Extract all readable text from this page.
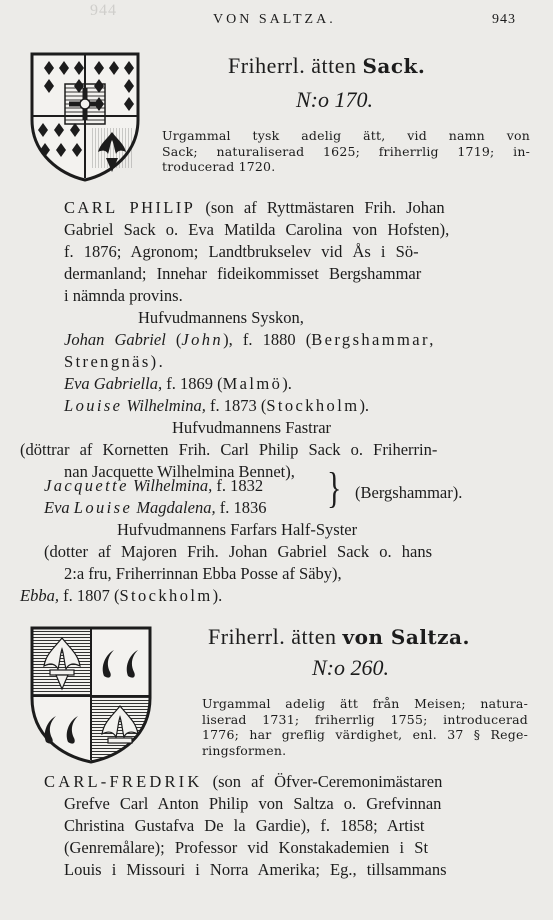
944
VON SALTZA.	943
Friherrl. ätten Sack.
N:o 170.
Urgammal tysk adelig ätt, vid namn von
Sack; naturaliserad 1625; friherrlig 1719; in-
troducerad 1720.
CARL PHILIP (son af Ryttmästaren Frih. Johan
Gabriel Sack o. Eva Matilda Carolina von Hofsten),
f. 1876; Agronom; Landtbrukselev vid Ås i Sö-
dermanland; Innehar fideikommisset Bergshammar
i nämnda provins.
Hufvudmannens Syskon,
Johan Gabriel (John), f. 1880 (Bergshammar,
Strengnäs).
Eva Gabriella, f. 1869 (Malmö).
Louise Wilhelmina, f. 1873 (Stockholm).
Hufvudmannens Fastrar
(döttrar af Kornetten Frih. Carl Philip Sack o. Friherrin-
nan Jacquette Wilhelmina Bennet),
Jacquette Wilhelmina, f. 1832
Eva Louise Magdalena, f. 1836
Hufvudmannens Farfars Half-Syster
(dotter af Majoren Frih. Johan Gabriel Sack o. hans
2:a fru, Friherrinnan Ebba Posse af Säby),
Ebba, f. 1807 (Stockholm).
} (Bergshammar).
Friherrl. ätten von Saltza.
N:o 260.
Urgammal adelig ätt från Meisen; natura-
liserad 1731; friherrlig 1755; introducerad
1776; har greflig värdighet, enl. 37 § Rege-
ringsformen.
CARL-FREDRIK (son af Öfver-Ceremonimästaren
Grefve Carl Anton Philip von Saltza o. Grefvinnan
Christina Gustafva De la Gardie), f. 1858; Artist
(Genremålare); Professor vid Konstakademien i St
Louis i Missouri i Norra Amerika; Eg., tillsammans
